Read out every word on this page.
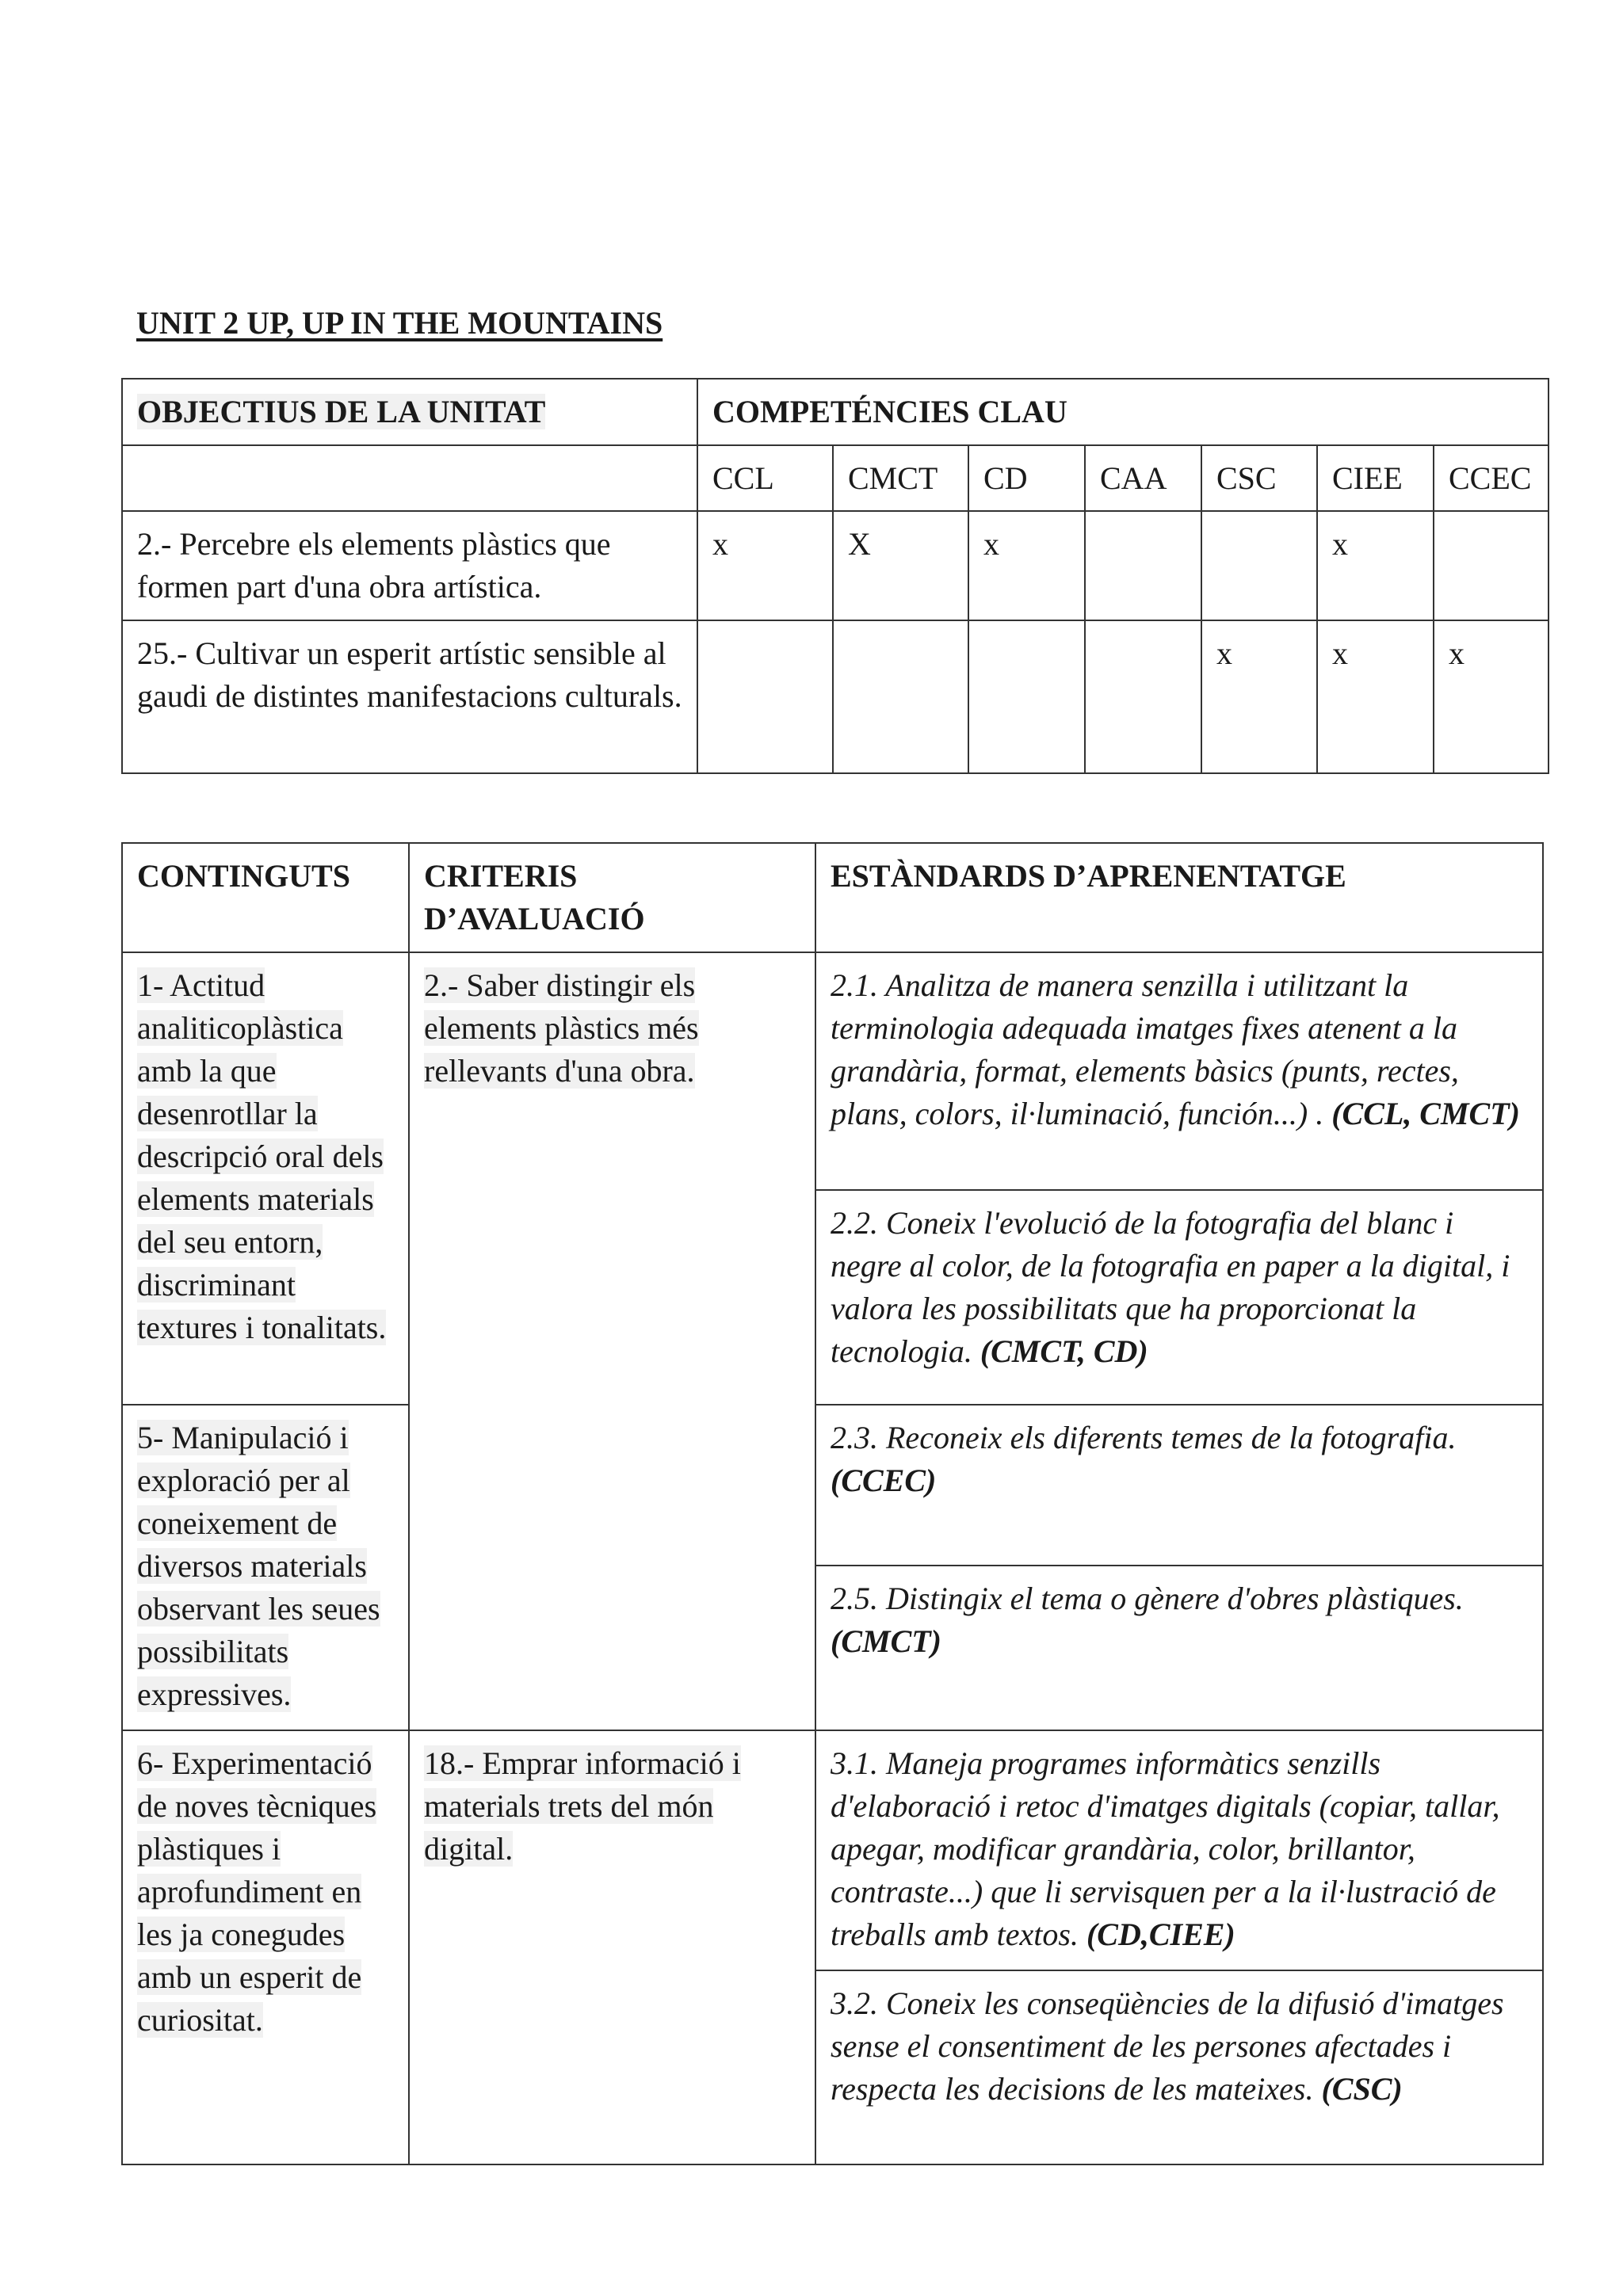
UNIT 2 UP, UP IN THE MOUNTAINS
OBJECTIUS DE LA UNITAT	COMPETÉNCIES CLAU						
	CCL	CMCT	CD	CAA	CSC	CIEE	CCEC
2.- Percebre els elements plàstics que formen part d'una obra artística.	x	X	x			x	
25.- Cultivar un esperit artístic sensible al gaudi de distintes manifestacions culturals.					x	x	x
CONTINGUTS	CRITERIS D’AVALUACIÓ	ESTÀNDARDS D’APRENENTATGE
1- Actitud analiticoplàstica amb la que desenrotllar la descripció oral dels elements materials del seu entorn, discriminant textures i tonalitats.	2.- Saber distingir els elements plàstics més rellevants d'una obra.	2.1. Analitza de manera senzilla i utilitzant la terminologia adequada imatges fixes atenent a la grandària, format, elements bàsics (punts, rectes, plans, colors, il·luminació, función...) . (CCL, CMCT)
		2.2. Coneix l'evolució de la fotografia del blanc i negre al color, de la fotografia en paper a la digital, i valora les possibilitats que ha proporcionat la tecnologia. (CMCT, CD)
5- Manipulació i exploració per al coneixement de diversos materials observant les seues possibilitats expressives.		2.3. Reconeix els diferents temes de la fotografia. (CCEC)
		2.5. Distingix el tema o gènere d'obres plàstiques. (CMCT)
6- Experimentació de noves tècniques plàstiques i aprofundiment en les ja conegudes amb un esperit de curiositat.	18.- Emprar informació i materials trets del món digital.	3.1. Maneja programes informàtics senzills d'elaboració i retoc d'imatges digitals (copiar, tallar, apegar, modificar grandària, color, brillantor, contraste...) que li servisquen per a la il·lustració de treballs amb textos. (CD,CIEE)
		3.2. Coneix les conseqüències de la difusió d'imatges sense el consentiment de les persones afectades i respecta les decisions de les mateixes. (CSC)
